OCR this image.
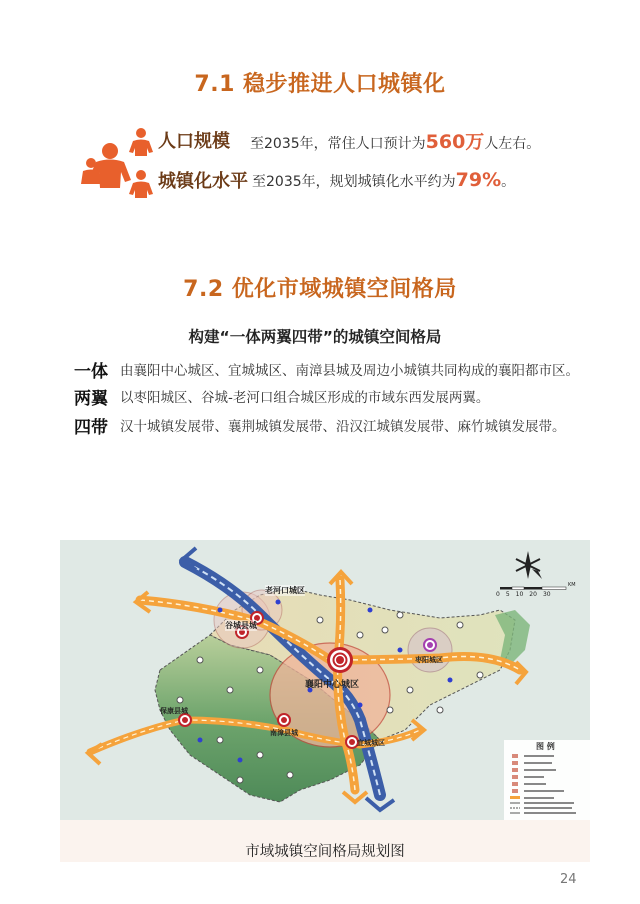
7.1 稳步推进人口城镇化
人口规模	至2035年，常住人口预计为560万人左右。
城镇化水平 至2035年，规划城镇化水平约为79%。
7.2 优化市域城镇空间格局
构建“一体两翼四带”的城镇空间格局
一体 由襄阳中心城区、宜城城区、南漳县城及周边小城镇共同构成的襄阳都市区。
两翼 以枣阳城区、谷城-老河口组合城区形成的市域东西发展两翼。
四带 汉十城镇发展带、襄荆城镇发展带、沿汉江城镇发展带、麻竹城镇发展带。
老河口城区
谷城县城
襄阳中心城区
枣阳城区
保康县城
南漳县城
宜城城区	图 例
0 5 10 20 30
KM
市域城镇空间格局规划图
24
